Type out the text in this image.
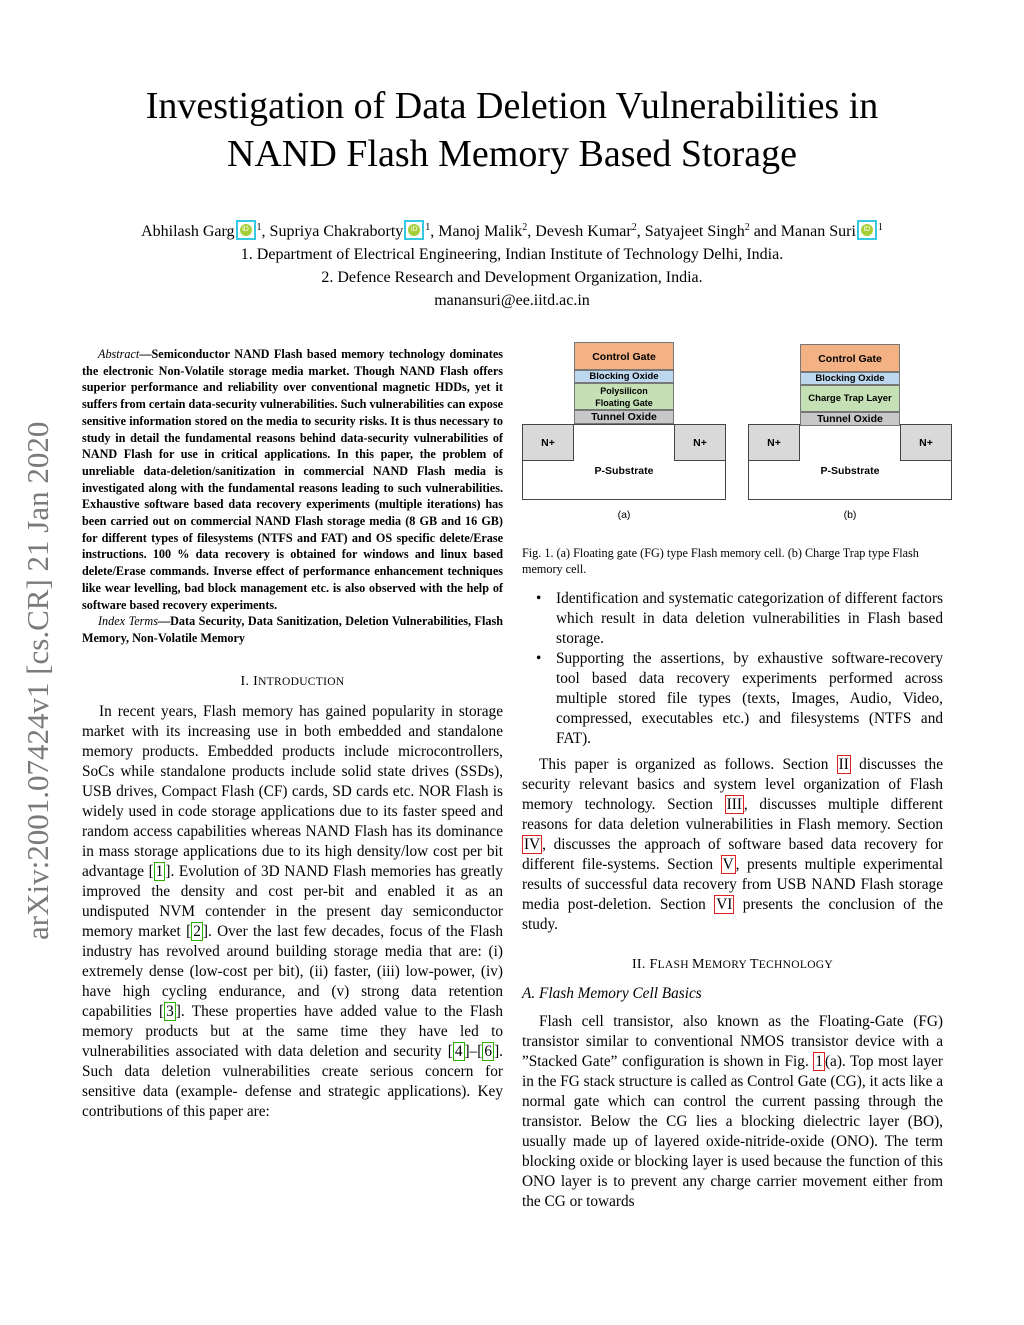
arXiv:2001.07424v1 [cs.CR] 21 Jan 2020
Investigation of Data Deletion Vulnerabilities in
NAND Flash Memory Based Storage
Abhilash Garg iD $^1$, Supriya Chakraborty iD $^1$, Manoj Malik$^2$, Devesh Kumar$^2$, Satyajeet Singh$^2$ and Manan Suri iD $^1$
1. Department of Electrical Engineering, Indian Institute of Technology Delhi, India.
2. Defence Research and Development Organization, India.
manansuri@ee.iitd.ac.in

Abstract—Semiconductor NAND Flash based memory technology dominates the electronic Non-Volatile storage media market. Though NAND Flash offers superior performance and reliability over conventional magnetic HDDs, yet it suffers from certain data-security vulnerabilities. Such vulnerabilities can expose sensitive information stored on the media to security risks. It is thus necessary to study in detail the fundamental reasons behind data-security vulnerabilities of NAND Flash for use in critical applications. In this paper, the problem of unreliable data-deletion/sanitization in commercial NAND Flash media is investigated along with the fundamental reasons leading to such vulnerabilities. Exhaustive software based data recovery experiments (multiple iterations) has been carried out on commercial NAND Flash storage media (8 GB and 16 GB) for different types of filesystems (NTFS and FAT) and OS specific delete/Erase instructions. 100 % data recovery is obtained for windows and linux based delete/Erase commands. Inverse effect of performance enhancement techniques like wear levelling, bad block management etc. is also observed with the help of software based recovery experiments.

Index Terms—Data Security, Data Sanitization, Deletion Vulnerabilities, Flash Memory, Non-Volatile Memory

I. INTRODUCTION

In recent years, Flash memory has gained popularity in storage market with its increasing use in both embedded and standalone memory products. Embedded products include microcontrollers, SoCs while standalone products include solid state drives (SSDs), USB drives, Compact Flash (CF) cards, SD cards etc. NOR Flash is widely used in code storage applications due to its faster speed and random access capabilities whereas NAND Flash has its dominance in mass storage applications due to its high density/low cost per bit advantage [ 1 ]. Evolution of 3D NAND Flash memories has greatly improved the density and cost per-bit and enabled it as an undisputed NVM contender in the present day semiconductor memory market [ 2 ]. Over the last few decades, focus of the Flash industry has revolved around building storage media that are: (i) extremely dense (low-cost per bit), (ii) faster, (iii) low-power, (iv) have high cycling endurance, and (v) strong data retention capabilities [ 3 ]. These properties have added value to the Flash memory products but at the same time they have led to vulnerabilities associated with data deletion and security [ 4 ]–[ 6 ]. Such data deletion vulnerabilities create serious concern for sensitive data (example- defense and strategic applications). Key contributions of this paper are:

N+	N+
P-Substrate
Control Gate
Blocking Oxide
Polysilicon
Floating Gate
Tunnel Oxide
(a)
N+	N+
P-Substrate
Control Gate
Blocking Oxide
Charge Trap Layer
Tunnel Oxide
(b)
Fig. 1. (a) Floating gate (FG) type Flash memory cell. (b) Charge Trap type Flash memory cell.
• Identification and systematic categorization of different factors which result in data deletion vulnerabilities in Flash based storage.
• Supporting the assertions, by exhaustive software-recovery tool based data recovery experiments performed across multiple stored file types (texts, Images, Audio, Video, compressed, executables etc.) and filesystems (NTFS and FAT).

This paper is organized as follows. Section II discusses the security relevant basics and system level organization of Flash memory technology. Section III , discusses multiple different reasons for data deletion vulnerabilities in Flash memory. Section IV , discusses the approach of software based data recovery for different file-systems. Section V , presents multiple experimental results of successful data recovery from USB NAND Flash storage media post-deletion. Section VI presents the conclusion of the study.

II. FLASH MEMORY TECHNOLOGY
A. Flash Memory Cell Basics

Flash cell transistor, also known as the Floating-Gate (FG) transistor similar to conventional NMOS transistor device with a ”Stacked Gate” configuration is shown in Fig. 1 (a). Top most layer in the FG stack structure is called as Control Gate (CG), it acts like a normal gate which can control the current passing through the transistor. Below the CG lies a blocking dielectric layer (BO), usually made up of layered oxide-nitride-oxide (ONO). The term blocking oxide or blocking layer is used because the function of this ONO layer is to prevent any charge carrier movement either from the CG or towards
